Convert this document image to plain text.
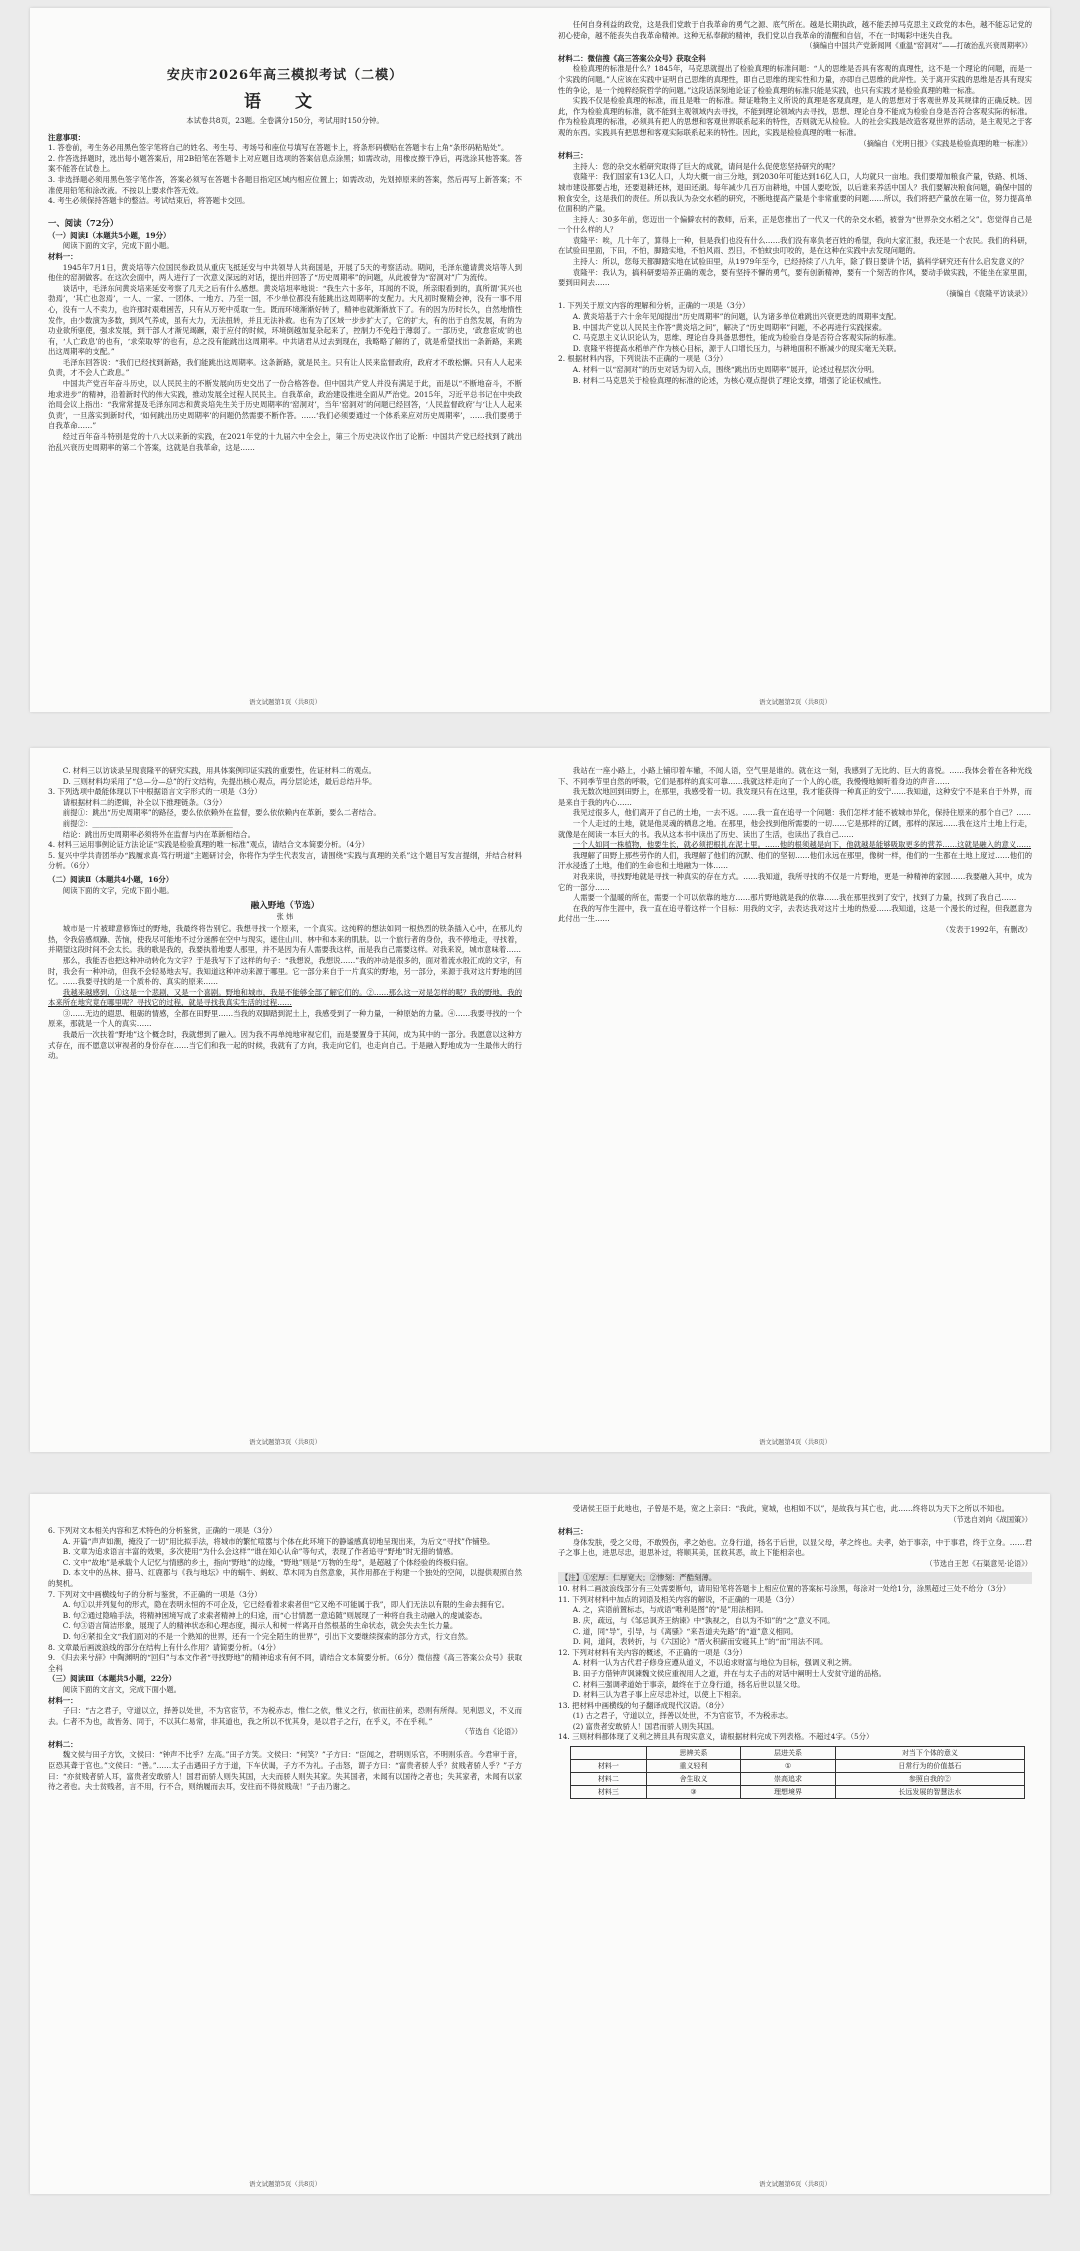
安庆市2026年高三模拟考试（二模）
语 文

本试卷共8页，23题。全卷满分150分，考试用时150分钟。

注意事项：

1. 答卷前，考生务必用黑色签字笔将自己的姓名、考生号、考场号和座位号填写在答题卡上，将条形码横贴在答题卡右上角“条形码粘贴处”。

2. 作答选择题时，选出每小题答案后，用2B铅笔在答题卡上对应题目选项的答案信息点涂黑；如需改动，用橡皮擦干净后，再选涂其他答案。答案不能答在试卷上。

3. 非选择题必须用黑色签字笔作答，答案必须写在答题卡各题目指定区域内相应位置上；如需改动，先划掉原来的答案，然后再写上新答案；不准使用铅笔和涂改液。不按以上要求作答无效。

4. 考生必须保持答题卡的整洁。考试结束后，将答题卡交回。

一、阅读（72分）

（一）阅读Ⅰ（本题共5小题，19分）

阅读下面的文字，完成下面小题。

材料一：

1945年7月1日，黄炎培等六位国民参政员从重庆飞抵延安与中共领导人共商国是，开展了5天的考察活动。期间，毛泽东邀请黄炎培等人到他住的窑洞做客。在这次会面中，两人进行了一次意义深远的对话，提出并回答了“历史周期率”的问题，从此被誉为“窑洞对”广为流传。

谈话中，毛泽东问黄炎培来延安考察了几天之后有什么感想。黄炎培坦率地说：“我生六十多年，耳闻的不说，所亲眼看到的，真所谓‘其兴也勃焉’，‘其亡也忽焉’，一人、一家、一团体、一地方、乃至一国，不少单位都没有能跳出这周期率的支配力。大凡初时聚精会神，没有一事不用心，没有一人不卖力，也许那时艰难困苦，只有从万死中觅取一生。既而环境渐渐好转了，精神也就渐渐放下了。有的因为历时长久，自然地惰性发作，由少数演为多数，到风气养成，虽有大力，无法扭转，并且无法补救。也有为了区域一步步扩大了，它的扩大，有的出于自然发展，有的为功业欲所驱使，强求发展，到干部人才渐见竭蹶，艰于应付的时候，环境倒越加复杂起来了，控制力不免趋于薄弱了。一部历史，‘政怠宦成’的也有，‘人亡政息’的也有，‘求荣取辱’的也有，总之没有能跳出这周期率。中共诸君从过去到现在，我略略了解的了，就是希望找出一条新路，来跳出这周期率的支配。”

毛泽东回答说：“我们已经找到新路，我们能跳出这周期率。这条新路，就是民主。只有让人民来监督政府，政府才不敢松懈。只有人人起来负责，才不会人亡政息。”

中国共产党百年奋斗历史，以人民民主的不断发展向历史交出了一份合格答卷。但中国共产党人并没有满足于此，而是以“不断地奋斗，不断地求进步”的精神，沿着新时代的伟大实践，推动发展全过程人民民主。自我革命，政治建设推进全面从严治党。2015年，习近平总书记在中央政治局会议上指出：“我常常提及毛泽东同志和黄炎培先生关于历史周期率的‘窑洞对’，当年‘窑洞对’的问题已经回答，‘人民监督政府’与‘让人人起来负责’，一旦落实到新时代，‘如何跳出历史周期率’的问题仍然需要不断作答。……‘我们必须要通过一个体系来应对历史周期率’，……我们要勇于自我革命……”

经过百年奋斗特别是党的十八大以来新的实践，在2021年党的十九届六中全会上，第三个历史决议作出了论断：中国共产党已经找到了跳出治乱兴衰历史周期率的第二个答案，这就是自我革命，这是……

语文试题第1页（共8页）

任何自身利益的政党，这是我们党敢于自我革命的勇气之源、底气所在。越是长期执政，越不能丢掉马克思主义政党的本色，越不能忘记党的初心使命，越不能丧失自我革命精神。这种无私奉献的精神，我们党以自我革命的清醒和自信，不在一时喝彩中迷失自我。

（摘编自中国共产党新闻网《重温“窑洞对”——打破治乱兴衰周期率》）

材料二：微信搜《高三答案公众号》获取全科

检验真理的标准是什么？1845年，马克思就提出了检验真理的标准问题：“人的思维是否具有客观的真理性，这不是一个理论的问题，而是一个实践的问题。”人应该在实践中证明自己思维的真理性，即自己思维的现实性和力量，亦即自己思维的此岸性。关于离开实践的思维是否具有现实性的争论，是一个纯粹经院哲学的问题。”这段话深刻地论证了检验真理的标准只能是实践，也只有实践才是检验真理的唯一标准。

实践不仅是检验真理的标准，而且是唯一的标准。辩证唯物主义所说的真理是客观真理，是人的思想对于客观世界及其规律的正确反映。因此，作为检验真理的标准，就不能到主观领域内去寻找，不能到理论领域内去寻找，思想、理论自身不能成为检验自身是否符合客观实际的标准。作为检验真理的标准，必须具有把人的思想和客观世界联系起来的特性，否则就无从检验。人的社会实践是改造客观世界的活动，是主观见之于客观的东西。实践具有把思想和客观实际联系起来的特性。因此，实践是检验真理的唯一标准。

（摘编自《光明日报》《实践是检验真理的唯一标准》）

材料三：

主持人：您的杂交水稻研究取得了巨大的成就，请问是什么促使您坚持研究的呢？

袁隆平：我们国家有13亿人口，人均大概一亩三分地，到2030年可能达到16亿人口，人均就只一亩地。我们要增加粮食产量，铁路、机场、城市建设都要占地，还要退耕还林，退田还湖。每年减少几百万亩耕地，中国人要吃饭，以后谁来养活中国人？我们要解决粮食问题，确保中国的粮食安全，这是我们的责任。所以我认为杂交水稻的研究，不断地提高产量是个非常重要的问题……所以，我们将把产量放在第一位，努力提高单位面积的产量。

主持人：30多年前，您迈出一个偏僻农村的教师，后来，正是您推出了一代又一代的杂交水稻，被誉为“世界杂交水稻之父”。您觉得自己是一个什么样的人？

袁隆平：唉，几十年了，算得上一种，但是我们也没有什么……我们没有辜负老百姓的希望，我向大家汇报，我还是一个农民。我们的科研，在试验田里面，下田，不怕，脚踏实地，不怕风雨、烈日，不怕蚊虫叮咬的，是在这种在实践中去发现问题的。

主持人：所以，您每天都脚踏实地在试验田里，从1979年至今，已经持续了八九年，除了假日要讲个话，搞科学研究还有什么启发意义的？

袁隆平：我认为，搞科研要培养正确的观念，要有坚持不懈的勇气，要有创新精神，要有一个刻苦的作风，要动手做实践，不能坐在家里面，要到田间去……

（摘编自《袁隆平访谈录》）

1. 下列关于原文内容的理解和分析，正确的一项是（3分）

A. 黄炎培基于六十余年见闻提出“历史周期率”的问题，认为诸多单位难跳出兴衰更迭的周期率支配。

B. 中国共产党以人民民主作答“黄炎培之问”，解决了“历史周期率”问题，不必再进行实践探索。

C. 马克思主义认识论认为，思维、理论自身具备思想性，能成为检验自身是否符合客观实际的标准。

D. 袁隆平将提高水稻单产作为核心目标，源于人口增长压力，与耕地面积不断减少的现实毫无关联。

2. 根据材料内容，下列说法不正确的一项是（3分）

A. 材料一以“窑洞对”的历史对话为切入点，围绕“跳出历史周期率”展开，论述过程层次分明。

B. 材料二马克思关于检验真理的标准的论述，为核心观点提供了理论支撑，增强了论证权威性。

语文试题第2页（共8页）

C. 材料三以访谈录呈现袁隆平的研究实践，用具体案例印证实践的重要性，佐证材料二的观点。

D. 三则材料均采用了“总—分—总”的行文结构，先提出核心观点，再分层论述，最后总结升华。

3. 下列选项中最能体现以下中根据语言文字形式的一项是（3分）

请根据材料二的逻辑，补全以下推理链条。（3分）

前提①：跳出“历史周期率”的路径，要么依依赖外在监督，要么依依赖内在革新，要么二者结合。

前提②：______________________________________

结论：跳出历史周期率必须将外在监督与内在革新相结合。

4. 材料三运用事例论证方法论证“实践是检验真理的唯一标准”观点，请结合文本简要分析。（4分）

5. 复兴中学共青团举办“践履求真·笃行明道”主题研讨会，你将作为学生代表发言，请围绕“实践与真理的关系”这个题目写发言提纲，并结合材料分析。（6分）

（二）阅读Ⅱ（本题共4小题，16分）

阅读下面的文字，完成下面小题。

融入野地（节选）
张 炜

城市是一片被肆意修饰过的野地，我最终将告别它。我想寻找一个原来，一个真实。这纯粹的想法如同一根热烈的铁条插入心中，在那儿灼热，令我倍感烦躁、苦恼，使我尽可能地不过分迷醉在空中与现实，遮住山川、林中和本来的肌肤。以一个旅行者的身份，我不停地走，寻找着，并期望这段时间不会太长。我的歌是我的，我要执着地要人那里，并不是因为有人需要我这样，而是我自己需要这样。对我来说，城市意味着……

那么，我能否也把这种冲动转化为文字？于是我写下了这样的句子：“我想说，我想说……”我的冲动是很多的，面对着流水般汇成的文字，有时，我会有一种冲动，但我不会轻易地去写。我知道这种冲动来源于哪里。它一部分来自于一片真实的野地，另一部分，来源于我对这片野地的回忆。……我要寻找的是一个质朴的、真实的原来……

我越来越感到，①这是一个悲剧，又是一个喜剧。野地和城市，我是不能够全部了解它们的。②……那么这一对是怎样的呢？我的野地，我的本来所在地究竟在哪里呢？寻找它的过程，就是寻找我真实生活的过程……

③……无边的遐思、粗砺的情感，全都在田野里……当我的双脚踏到泥土上，我感受到了一种力量，一种原始的力量。④……我要寻找的一个原来，那就是一个人的真实……

我最后一次扶着“野地”这个概念时，我就想到了融入。因为我不再单纯地审视它们，而是要置身于其间，成为其中的一部分。我愿意以这种方式存在，而不愿意以审视者的身份存在……当它们和我一起的时候，我就有了方向，我走向它们，也走向自己。于是融入野地成为一生最伟大的行动。

语文试题第3页（共8页）

我站在一座小路上，小路上铺印着车辙，不闻人语，空气里是谁的。就在这一刻，我感到了无比的、巨大的喜悦。……我体会着在各种光线下、不同季节里自然的呼吸，它们是那样的真实可靠……我就这样走向了一个人的心底，我慢慢地倾听着身边的声音……

我无数次地回到田野上，在那里，我感受着一切。我发现只有在这里，我才能获得一种真正的安宁……我知道，这种安宁不是来自于外界，而是来自于我的内心……

我见过很多人，他们离开了自己的土地，一去不返。……我一直在追寻一个问题：我们怎样才能不被城市异化，保持住原来的那个自己？……

一个人走过的土地，就是他灵魂的栖息之地。在那里，他会找到他所需要的一切……它是那样的辽阔，那样的深远……我在这片土地上行走，就像是在阅读一本巨大的书。我从这本书中读出了历史、读出了生活，也读出了我自己……

一个人如同一株植物，他要生长，就必须把根扎在泥土里。……他的根须越是向下，他就越是能够吸取更多的营养……这就是融入的意义……

我理解了田野上那些劳作的人们，我理解了他们的沉默、他们的坚韧……他们永远在那里，像树一样，他们的一生都在土地上度过……他们的汗水浸透了土地，他们的生命也和土地融为一体……

对我来说，寻找野地就是寻找一种真实的存在方式。……我知道，我所寻找的不仅是一片野地，更是一种精神的家园……我要融入其中，成为它的一部分……

人需要一个温暖的所在，需要一个可以依靠的地方……那片野地就是我的依靠……我在那里找到了安宁，找到了力量，找到了我自己……

在我的写作生涯中，我一直在追寻着这样一个目标：用我的文字，去表达我对这片土地的热爱……我知道，这是一个漫长的过程，但我愿意为此付出一生……

（发表于1992年，有删改）

语文试题第4页（共8页）

6. 下列对文本相关内容和艺术特色的分析鉴赏，正确的一项是（3分）

A. 开篇“声声如潮，掩没了一切”用比拟手法，将城市的繁忙喧嚣与个体在此环境下的静谧感真切地呈现出来，为后文“寻找”作铺垫。

B. 文章为追求语言丰富的效果，多次使用“为什么会这样”“谁在知心认命”等句式，表现了作者追寻“野地”时无措的情感。

C. 文中“故地”是承载个人记忆与情感的乡土，指向“野地”的边缘，“野地”则是“万物的生母”，是超越了个体经验的终极归宿。

D. 本文中的丛林、猎马、红鹿都与《我与地坛》中的蜗牛、蚂蚁、草木同为自然意象，其作用都在于构建一个独处的空间，以提供观照自然的契机。

7. 下列对文中画横线句子的分析与鉴赏，不正确的一项是（3分）

A. 句①以并列复句的形式，隐在表明永恒的不可企及，它已经看着求索者但“它又绝不可能属于我”，即人们无法以有限的生命去拥有它。

B. 句②通过隐喻手法，将精神困境写成了求索者精神上的归途，而“心甘情愿一意追随”则展现了一种将自我主动融入的虔诚姿态。

C. 句③语言简洁形象，展现了人的精神状态和心理态度，揭示人和树一样离开自然根基的生命状态，就会失去生长力量。

D. 句④紧扣全文“我们面对的不是一个熟知的世界，还有一个完全陌生的世界”，引出下文要继续探索的部分方式，行文自然。

8. 文章最后画波浪线的部分在结构上有什么作用？请简要分析。（4分）

9. 《归去来兮辞》中陶渊明的“回归”与本文作者“寻找野地”的精神追求有何不同，请结合文本简要分析。（6分）微信搜《高三答案公众号》获取全科

（三）阅读Ⅲ（本题共5小题，22分）

阅读下面的文言文，完成下面小题。

材料一：

子曰：“古之君子，守道以立，择善以处世，不为官宦节，不为税赤志，惟仁之依，惟义之行，依而往前来，恐则有所得。见利思义，不义而去。仁者不为也，故皆务、同于，不以其仁易常，非其道也，我之所以不忧其身，是以君子之行，在乎义，不在乎利。”

（节选自《论语》）

材料二：

魏文侯与田子方饮，文侯曰：“钟声不比乎？左高。”田子方笑。文侯曰：“何笑？”子方曰：“臣闻之，君明则乐官，不明则乐音。今君审于音，臣恐其聋于官也。”文侯曰：“善。”……太子击遇田子方于道，下车伏谒，子方不为礼。子击怒，谓子方曰：“富贵者骄人乎？贫贱者骄人乎？”子方曰：“亦贫贱者骄人耳，富贵者安敢骄人！国君而骄人则失其国，大夫而骄人则失其家。失其国者，未闻有以国待之者也；失其家者，未闻有以家待之者也。夫士贫贱者，言不用，行不合，则纳履而去耳，安往而不得贫贱哉！”子击乃谢之。

语文试题第5页（共8页）

受诸侯王臣于此地也，子曾是不是，宽之上亲曰：“我此，宽城，也相如不以”，是故我与其亡也，此……终将以为天下之所以不知也。

（节选自刘向《战国策》）

材料三：

身体发肤，受之父母，不敢毁伤，孝之始也。立身行道，扬名于后世，以显父母，孝之终也。夫孝，始于事亲，中于事君，终于立身。……君子之事上也，进思尽忠，退思补过，将顺其美，匡救其恶，故上下能相亲也。

（节选自王恕《石渠意见·论语》）

【注】①宏厚：仁厚宽大；②惨刻：严酷刻薄。

10. 材料二画波浪线部分有三处需要断句，请用铅笔将答题卡上相应位置的答案标号涂黑，每涂对一处给1分，涂黑超过三处不给分（3分）

11. 下列对材料中加点的词语及相关内容的解说，不正确的一项是（3分）

A. 之，宾语前置标志，与成语“唯利是图”的“是”用法相同。

B. 庆，疏远，与《邹忌讽齐王纳谏》中“孰视之，自以为不如”的“之”意义不同。

C. 道，同“导”，引导，与《离骚》“来吾道夫先路”的“道”意义相同。

D. 间，道间，表转折，与《六国论》“厝火积薪而安寝其上”的“而”用法不同。

12. 下列对材料有关内容的概述，不正确的一项是（3分）

A. 材料一认为古代君子修身应遵从道义，不以追求财富与地位为目标，强调义利之辨。

B. 田子方借钟声讽谏魏文侯应重视用人之道，并在与太子击的对话中阐明士人安贫守道的品格。

C. 材料三强调孝道始于事亲，最终在于立身行道，扬名后世以显父母。

D. 材料三认为君子事上应尽忠补过，以使上下相亲。

13. 把材料中画横线的句子翻译成现代汉语。（8分）

(1) 古之君子，守道以立，择善以处世，不为官宦节，不为税赤志。

(2) 富贵者安敢骄人！国君而骄人则失其国。

14. 三则材料都体现了义利之辨且具有现实意义，请根据材料完成下列表格。不超过4字。（5分）

	思辨关系	层进关系	对当下个体的意义
材料一	重义轻利	①	日常行为的价值基石
材料二	舍生取义	崇高追求	参照自我的②
材料三	③	理想境界	长远发展的智慧法水
语文试题第6页（共8页）
